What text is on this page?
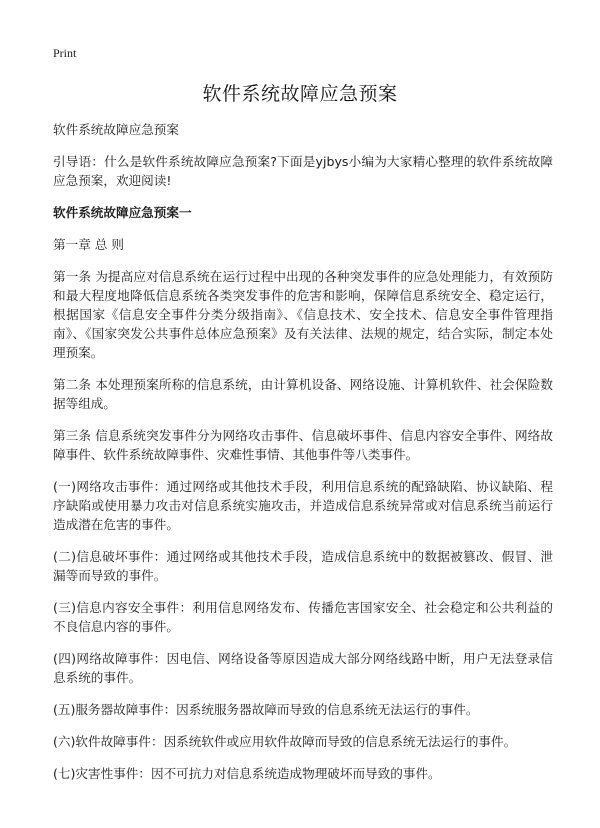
Print
软件系统故障应急预案

软件系统故障应急预案

引导语：什么是软件系统故障应急预案?下面是yjbys小编为大家精心整理的软件系统故障应急预案，欢迎阅读!

软件系统故障应急预案一

第一章 总 则

第一条 为提高应对信息系统在运行过程中出现的各种突发事件的应急处理能力，有效预防和最大程度地降低信息系统各类突发事件的危害和影响，保障信息系统安全、稳定运行，根据国家《信息安全事件分类分级指南》、《信息技术、安全技术、信息安全事件管理指南》、《国家突发公共事件总体应急预案》及有关法律、法规的规定，结合实际，制定本处理预案。

第二条 本处理预案所称的信息系统，由计算机设备、网络设施、计算机软件、社会保险数据等组成。

第三条 信息系统突发事件分为网络攻击事件、信息破坏事件、信息内容安全事件、网络故障事件、软件系统故障事件、灾难性事情、其他事件等八类事件。

(一)网络攻击事件：通过网络或其他技术手段，利用信息系统的配臵缺陷、协议缺陷、程序缺陷或使用暴力攻击对信息系统实施攻击，并造成信息系统异常或对信息系统当前运行造成潜在危害的事件。

(二)信息破坏事件：通过网络或其他技术手段，造成信息系统中的数据被篡改、假冒、泄漏等而导致的事件。

(三)信息内容安全事件：利用信息网络发布、传播危害国家安全、社会稳定和公共利益的不良信息内容的事件。

(四)网络故障事件：因电信、网络设备等原因造成大部分网络线路中断，用户无法登录信息系统的事件。

(五)服务器故障事件：因系统服务器故障而导致的信息系统无法运行的事件。

(六)软件故障事件：因系统软件或应用软件故障而导致的信息系统无法运行的事件。

(七)灾害性事件：因不可抗力对信息系统造成物理破坏而导致的事件。
